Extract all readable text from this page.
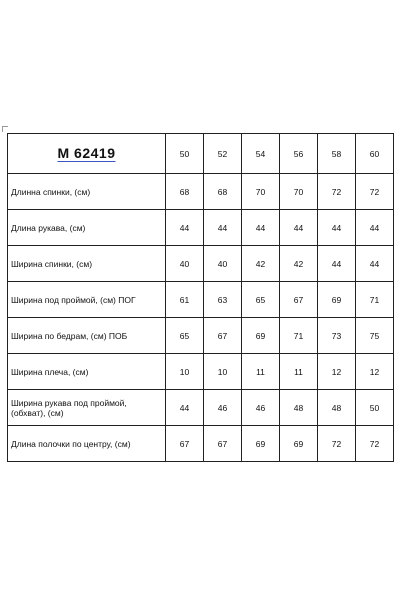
М 62419	50	52	54	56	58	60
Длинна спинки, (см)	68	68	70	70	72	72
Длина рукава, (см)	44	44	44	44	44	44
Ширина спинки, (см)	40	40	42	42	44	44
Ширина под проймой, (см) ПОГ	61	63	65	67	69	71
Ширина по бедрам, (см) ПОБ	65	67	69	71	73	75
Ширина плеча, (см)	10	10	11	11	12	12
Ширина рукава под проймой, (обхват), (см)	44	46	46	48	48	50
Длина полочки по центру, (см)	67	67	69	69	72	72
